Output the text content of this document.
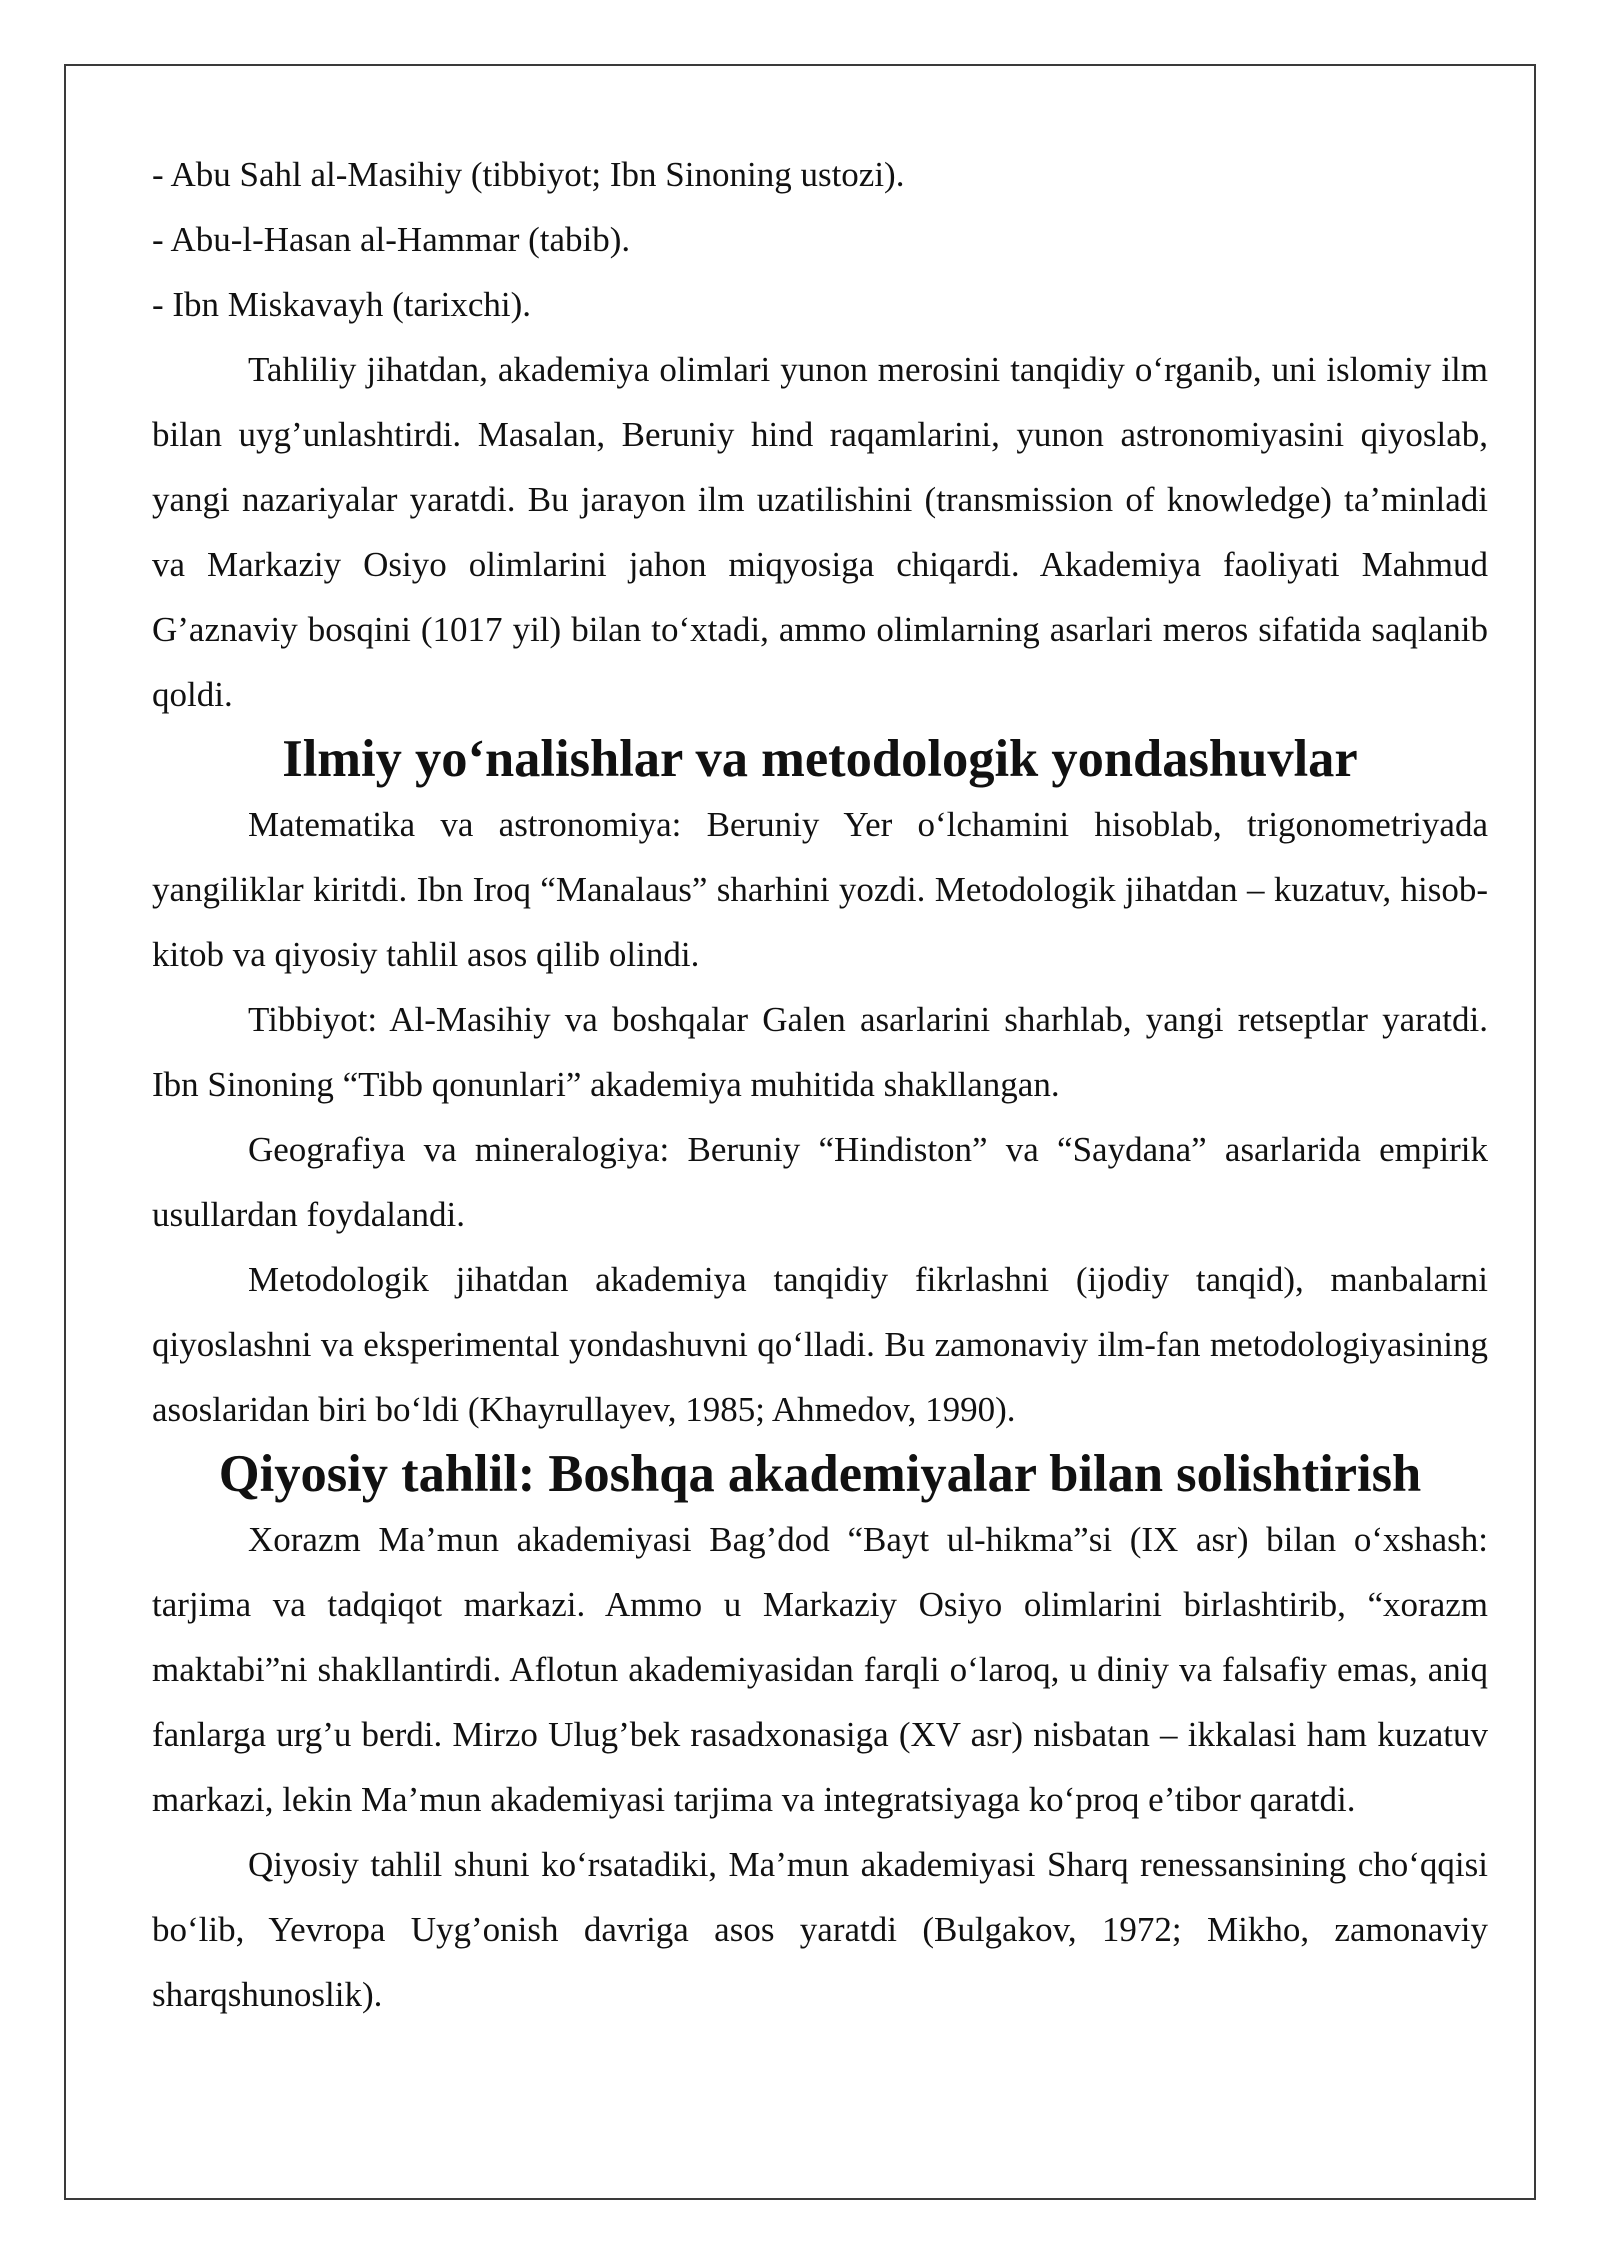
- Abu Sahl al-Masihiy (tibbiyot; Ibn Sinoning ustozi).

- Abu-l-Hasan al-Hammar (tabib).

- Ibn Miskavayh (tarixchi).

Tahliliy jihatdan, akademiya olimlari yunon merosini tanqidiy o‘rganib, uni islomiy ilm bilan uyg’unlashtirdi. Masalan, Beruniy hind raqamlarini, yunon astronomiyasini qiyoslab, yangi nazariyalar yaratdi. Bu jarayon ilm uzatilishini (transmission of knowledge) ta’minladi va Markaziy Osiyo olimlarini jahon miqyosiga chiqardi. Akademiya faoliyati Mahmud G’aznaviy bosqini (1017 yil) bilan to‘xtadi, ammo olimlarning asarlari meros sifatida saqlanib qoldi.

Ilmiy yo‘nalishlar va metodologik yondashuvlar

Matematika va astronomiya: Beruniy Yer o‘lchamini hisoblab, trigonometriyada yangiliklar kiritdi. Ibn Iroq “Manalaus” sharhini yozdi. Metodologik jihatdan – kuzatuv, hisob-kitob va qiyosiy tahlil asos qilib olindi.

Tibbiyot: Al-Masihiy va boshqalar Galen asarlarini sharhlab, yangi retseptlar yaratdi. Ibn Sinoning “Tibb qonunlari” akademiya muhitida shakllangan.

Geografiya va mineralogiya: Beruniy “Hindiston” va “Saydana” asarlarida empirik usullardan foydalandi.

Metodologik jihatdan akademiya tanqidiy fikrlashni (ijodiy tanqid), manbalarni qiyoslashni va eksperimental yondashuvni qo‘lladi. Bu zamonaviy ilm-fan metodologiyasining asoslaridan biri bo‘ldi (Khayrullayev, 1985; Ahmedov, 1990).

Qiyosiy tahlil: Boshqa akademiyalar bilan solishtirish

Xorazm Ma’mun akademiyasi Bag’dod “Bayt ul-hikma”si (IX asr) bilan o‘xshash: tarjima va tadqiqot markazi. Ammo u Markaziy Osiyo olimlarini birlashtirib, “xorazm maktabi”ni shakllantirdi. Aflotun akademiyasidan farqli o‘laroq, u diniy va falsafiy emas, aniq fanlarga urg’u berdi. Mirzo Ulug’bek rasadxonasiga (XV asr) nisbatan – ikkalasi ham kuzatuv markazi, lekin Ma’mun akademiyasi tarjima va integratsiyaga ko‘proq e’tibor qaratdi.

Qiyosiy tahlil shuni ko‘rsatadiki, Ma’mun akademiyasi Sharq renessansining cho‘qqisi bo‘lib, Yevropa Uyg’onish davriga asos yaratdi (Bulgakov, 1972; Mikho, zamonaviy sharqshunoslik).
